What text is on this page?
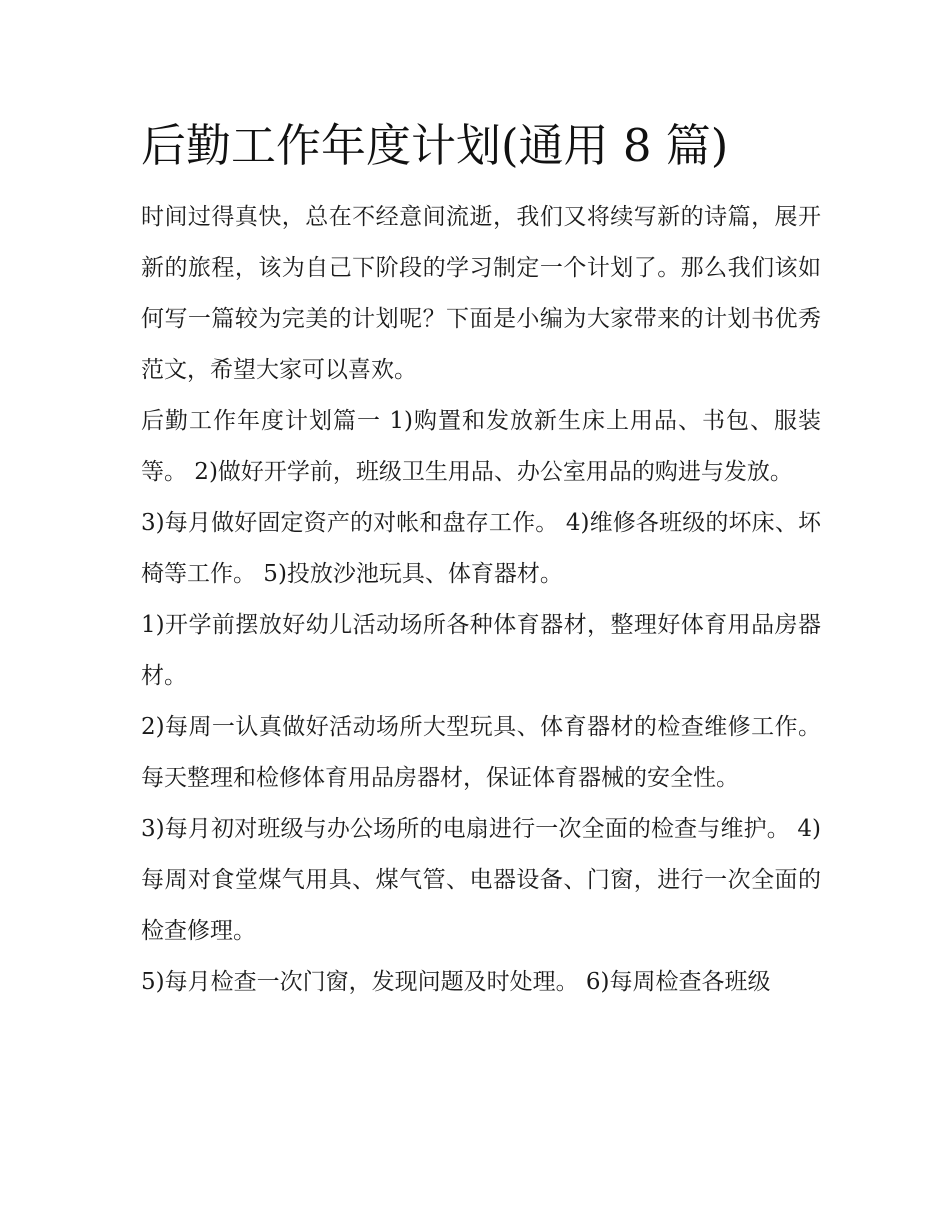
后勤工作年度计划(通用 8 篇)

时间过得真快，总在不经意间流逝，我们又将续写新的诗篇，展开新的旅程，该为自己下阶段的学习制定一个计划了。那么我们该如何写一篇较为完美的计划呢？下面是小编为大家带来的计划书优秀范文，希望大家可以喜欢。

后勤工作年度计划篇一 1)购置和发放新生床上用品、书包、服装等。 2)做好开学前，班级卫生用品、办公室用品的购进与发放。

3)每月做好固定资产的对帐和盘存工作。 4)维修各班级的坏床、坏椅等工作。 5)投放沙池玩具、体育器材。

1)开学前摆放好幼儿活动场所各种体育器材，整理好体育用品房器材。

2)每周一认真做好活动场所大型玩具、体育器材的检查维修工作。每天整理和检修体育用品房器材，保证体育器械的安全性。

3)每月初对班级与办公场所的电扇进行一次全面的检查与维护。 4)每周对食堂煤气用具、煤气管、电器设备、门窗，进行一次全面的检查修理。

5)每月检查一次门窗，发现问题及时处理。 6)每周检查各班级
